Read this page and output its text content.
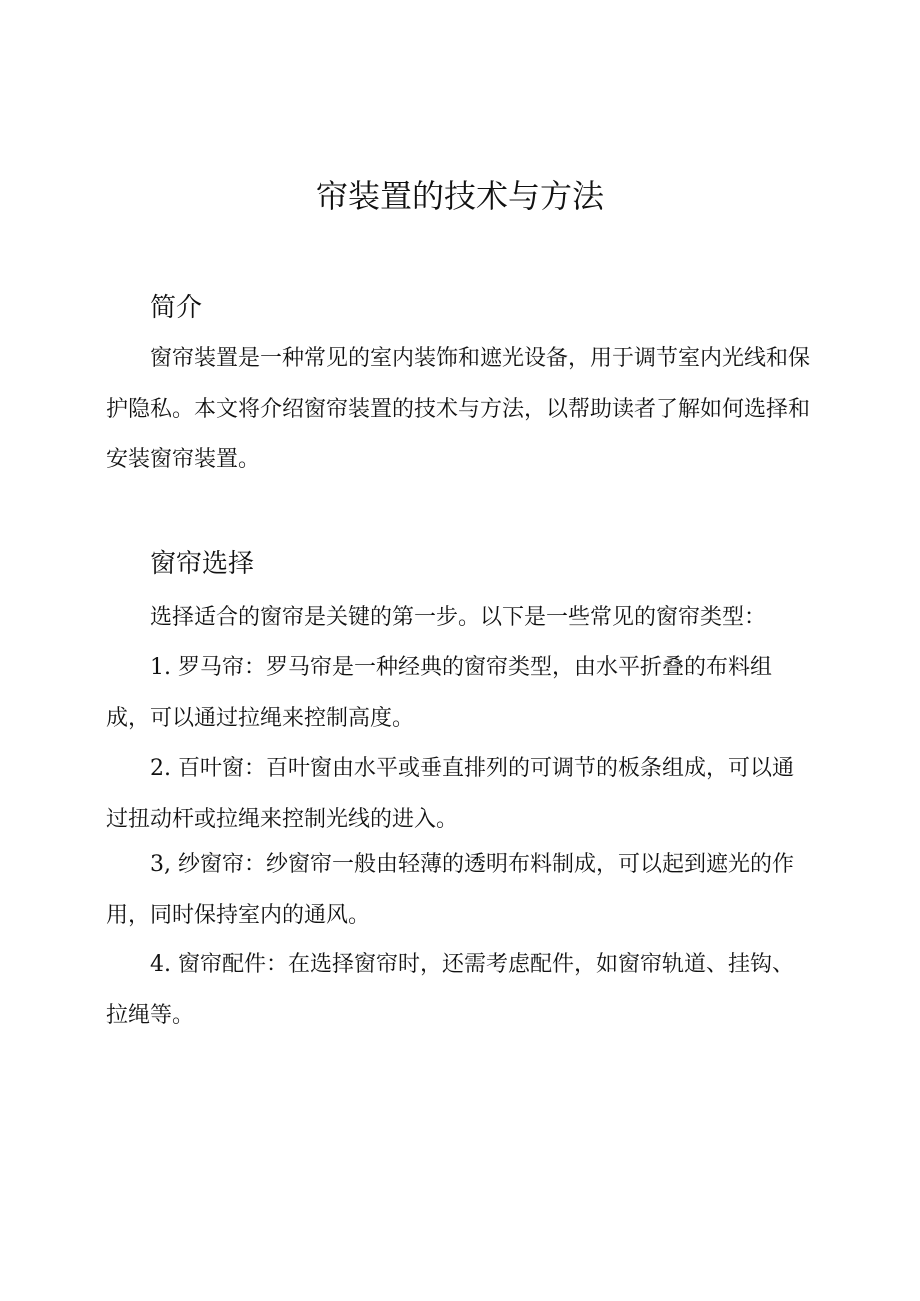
帘装置的技术与方法
简介

窗帘装置是一种常见的室内装饰和遮光设备，用于调节室内光线和保护隐私。本文将介绍窗帘装置的技术与方法，以帮助读者了解如何选择和安装窗帘装置。

窗帘选择

选择适合的窗帘是关键的第一步。以下是一些常见的窗帘类型：

1. 罗马帘：罗马帘是一种经典的窗帘类型，由水平折叠的布料组成，可以通过拉绳来控制高度。

2. 百叶窗：百叶窗由水平或垂直排列的可调节的板条组成，可以通过扭动杆或拉绳来控制光线的进入。

3, 纱窗帘：纱窗帘一般由轻薄的透明布料制成，可以起到遮光的作用，同时保持室内的通风。

4. 窗帘配件：在选择窗帘时，还需考虑配件，如窗帘轨道、挂钩、拉绳等。
